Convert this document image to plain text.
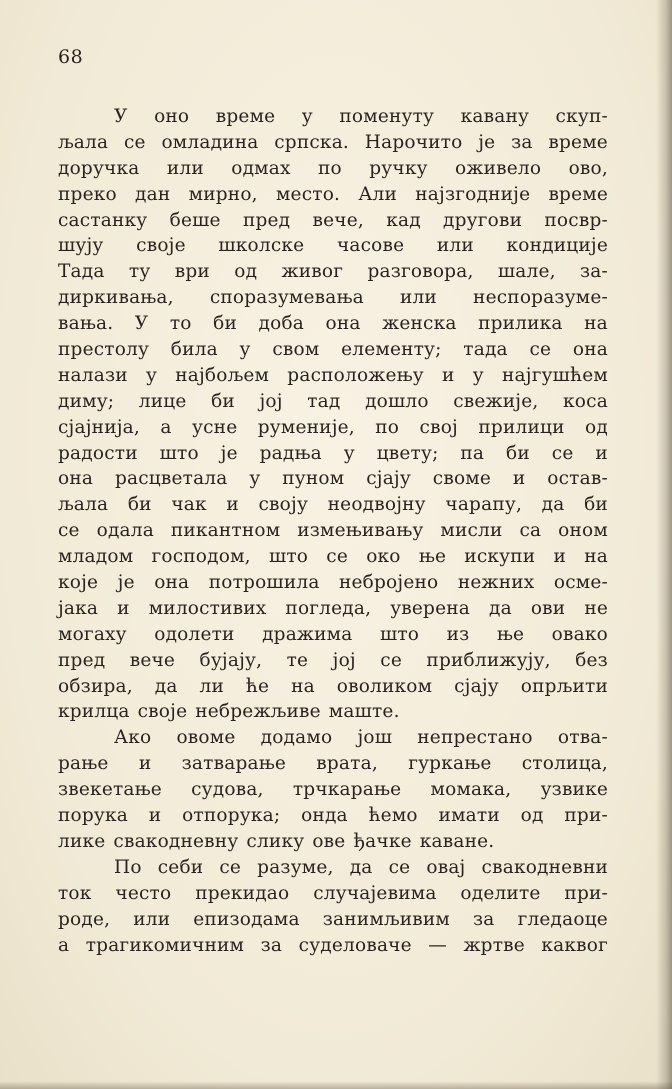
68
У оно време у поменуту кавану скуп-
љала се омладина српска. Нарочито је за време
доручка или одмах по ручку оживело ово,
преко дан мирно, место. Али најзгодније време
састанку беше пред вече, кад другови посвр-
шују своје школске часове или кондиције
Тада ту ври од живог разговора, шале, за-
диркивања, споразумевања или неспоразуме-
вања. У то би доба она женска прилика на
престолу била у свом елементу; тада се она
налази у најбољем расположењу и у најгушћем
диму; лице би јој тад дошло свежије, коса
сјајнија, а усне руменије, по свој прилици од
радости што је радња у цвету; па би се и
она расцветала у пуном сјају своме и остав-
љала би чак и своју неодвојну чарапу, да би
се одала пикантном измењивању мисли са оном
младом господом, што се око ње искупи и на
које је она потрошила небројено нежних осме-
јака и милостивих погледа, уверена да ови не
могаху одолети дражима што из ње овако
пред вече бујају, те јој се приближују, без
обзира, да ли ће на оволиком сјају опрљити
крилца своје небрежљиве маште.
Ако овоме додамо још непрестано отва-
рање и затварање врата, гуркање столица,
звекетање судова, трчкарање момака, узвике
порука и отпорука; онда ћемо имати од при-
лике свакодневну слику ове ђачке каване.
По себи се разуме, да се овај свакодневни
ток често прекидао случајевима оделите при-
роде, или епизодама занимљивим за гледаоце
а трагикомичним за суделоваче — жртве каквог
